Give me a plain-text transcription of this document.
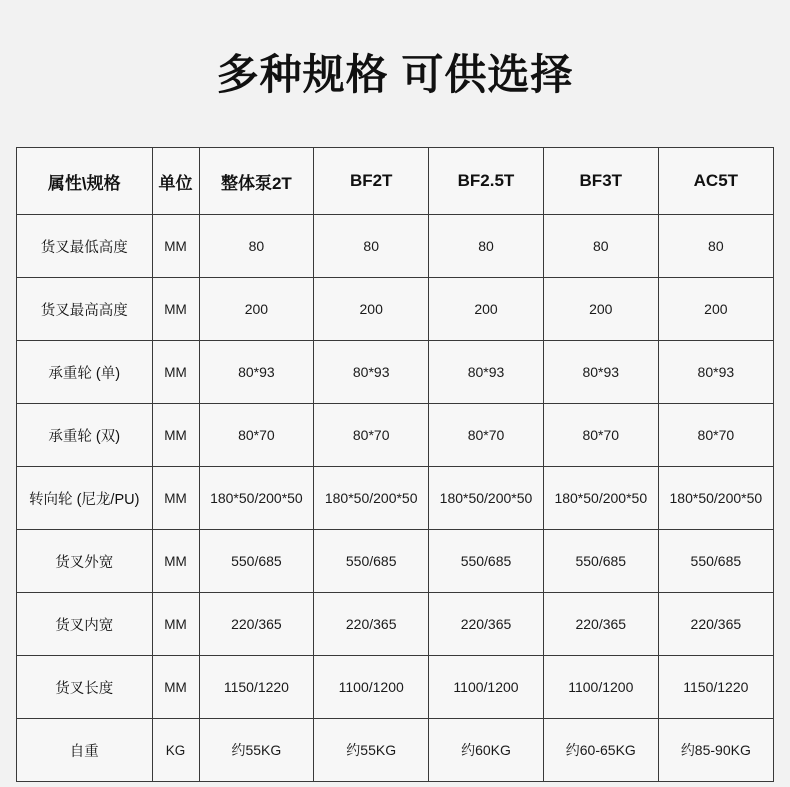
多种规格 可供选择
属性\规格	单位	整体泵2T	BF2T	BF2.5T	BF3T	AC5T
货叉最低高度	MM	80	80	80	80	80
货叉最高高度	MM	200	200	200	200	200
承重轮 (单)	MM	80*93	80*93	80*93	80*93	80*93
承重轮 (双)	MM	80*70	80*70	80*70	80*70	80*70
转向轮 (尼龙/PU)	MM	180*50/200*50	180*50/200*50	180*50/200*50	180*50/200*50	180*50/200*50
货叉外宽	MM	550/685	550/685	550/685	550/685	550/685
货叉内宽	MM	220/365	220/365	220/365	220/365	220/365
货叉长度	MM	1150/1220	1100/1200	1100/1200	1100/1200	1150/1220
自重	KG	约55KG	约55KG	约60KG	约60-65KG	约85-90KG
